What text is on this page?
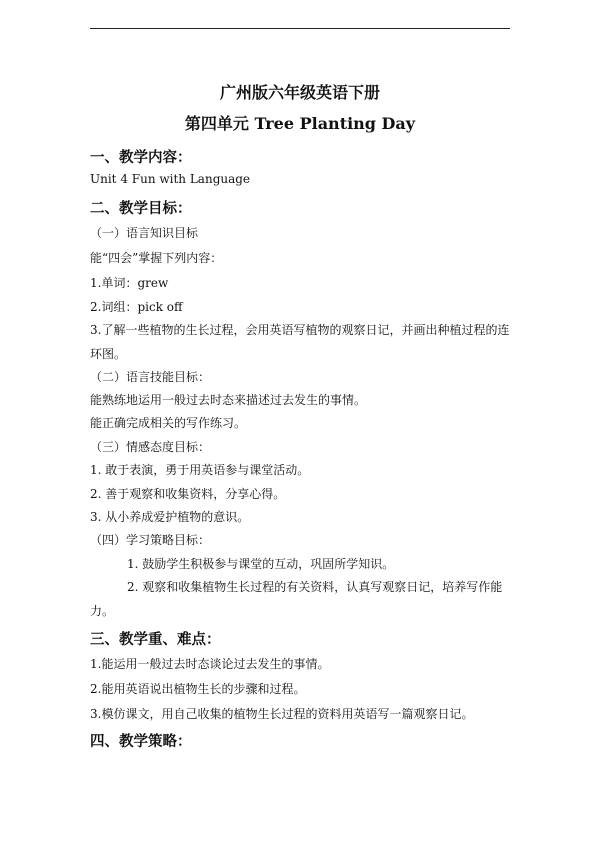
广州版六年级英语下册
第四单元 Tree Planting Day
一、教学内容：
Unit 4 Fun with Language
二、教学目标：
（一）语言知识目标
能“四会”掌握下列内容：
1.单词：grew
2.词组：pick off
3.了解一些植物的生长过程，会用英语写植物的观察日记，并画出种植过程的连
环图。
（二）语言技能目标：
能熟练地运用一般过去时态来描述过去发生的事情。
能正确完成相关的写作练习。
（三）情感态度目标：
1. 敢于表演，勇于用英语参与课堂活动。
2. 善于观察和收集资料，分享心得。
3. 从小养成爱护植物的意识。
（四）学习策略目标：
1. 鼓励学生积极参与课堂的互动，巩固所学知识。
2. 观察和收集植物生长过程的有关资料，认真写观察日记，培养写作能
力。
三、教学重、难点：
1.能运用一般过去时态谈论过去发生的事情。
2.能用英语说出植物生长的步骤和过程。
3.模仿课文，用自己收集的植物生长过程的资料用英语写一篇观察日记。
四、教学策略：
